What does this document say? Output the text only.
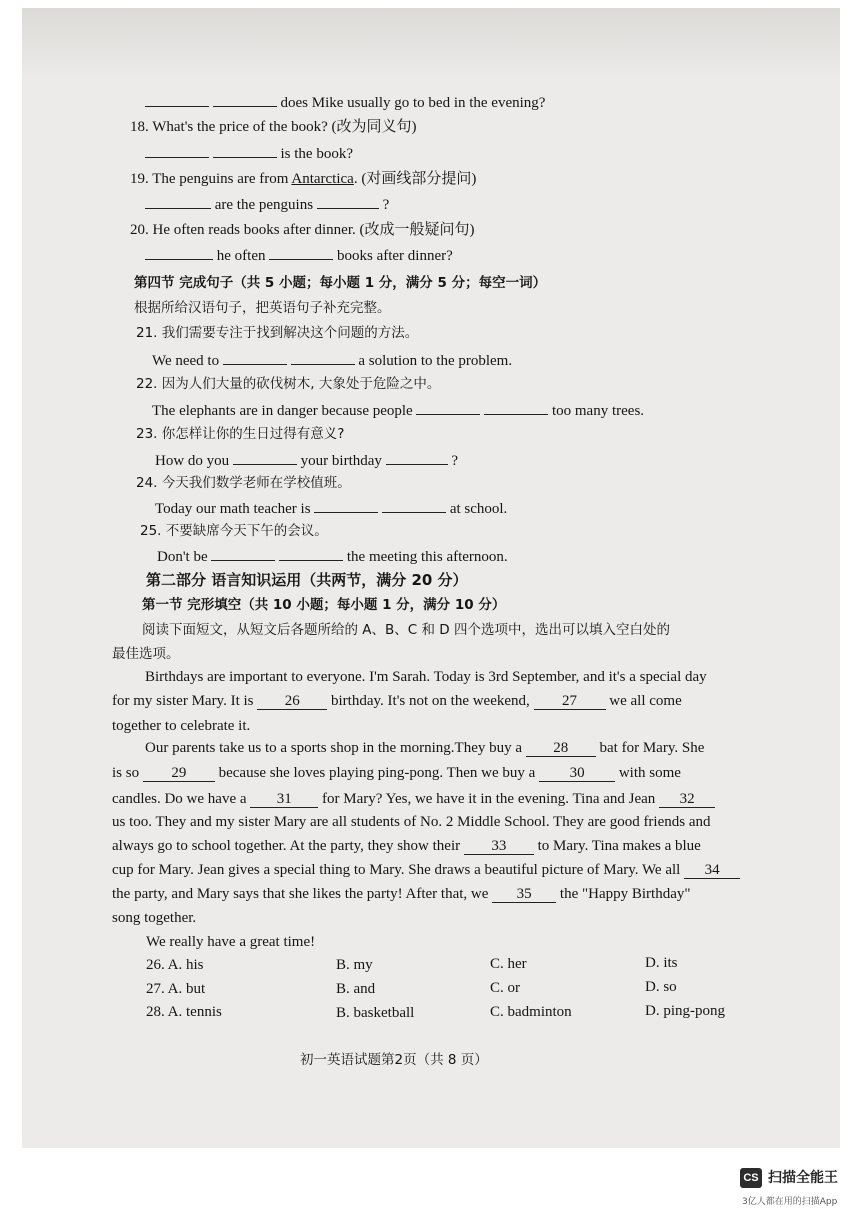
does Mike usually go to bed in the evening?
18. What's the price of the book? (改为同义句)
is the book?
19. The penguins are from Antarctica. (对画线部分提问)
are the penguins	?
20. He often reads books after dinner. (改成一般疑问句)
he often	books after dinner?
第四节 完成句子（共 5 小题；每小题 1 分，满分 5 分；每空一词）
根据所给汉语句子，把英语句子补充完整。
21. 我们需要专注于找到解决这个问题的方法。
We need to	a solution to the problem.
22. 因为人们大量的砍伐树木, 大象处于危险之中。
The elephants are in danger because people	too many trees.
23. 你怎样让你的生日过得有意义?
How do you	your birthday	?
24. 今天我们数学老师在学校值班。
Today our math teacher is	at school.
25. 不要缺席今天下午的会议。
Don't be	the meeting this afternoon.
第二部分 语言知识运用（共两节，满分 20 分）
第一节 完形填空（共 10 小题；每小题 1 分，满分 10 分）
阅读下面短文，从短文后各题所给的 A、B、C 和 D 四个选项中，选出可以填入空白处的
最佳选项。
Birthdays are important to everyone. I'm Sarah. Today is 3rd September, and it's a special day
for my sister Mary. It is 26 birthday. It's not on the weekend, 27 we all come
together to celebrate it.
Our parents take us to a sports shop in the morning.They buy a 28 bat for Mary. She
is so 29 because she loves playing ping-pong. Then we buy a 30 with some
candles. Do we have a 31 for Mary? Yes, we have it in the evening. Tina and Jean 32
us too. They and my sister Mary are all students of No. 2 Middle School. They are good friends and
always go to school together. At the party, they show their 33 to Mary. Tina makes a blue
cup for Mary. Jean gives a special thing to Mary. She draws a beautiful picture of Mary. We all 34
the party, and Mary says that she likes the party! After that, we 35 the "Happy Birthday"
song together.
We really have a great time!
26. A. his	B. my	C. her	D. its
27. A. but	B. and	C. or	D. so
28. A. tennis	B. basketball	C. badminton	D. ping-pong
初一英语试题第2页（共 8 页）
CS 扫描全能王
3亿人都在用的扫描App
